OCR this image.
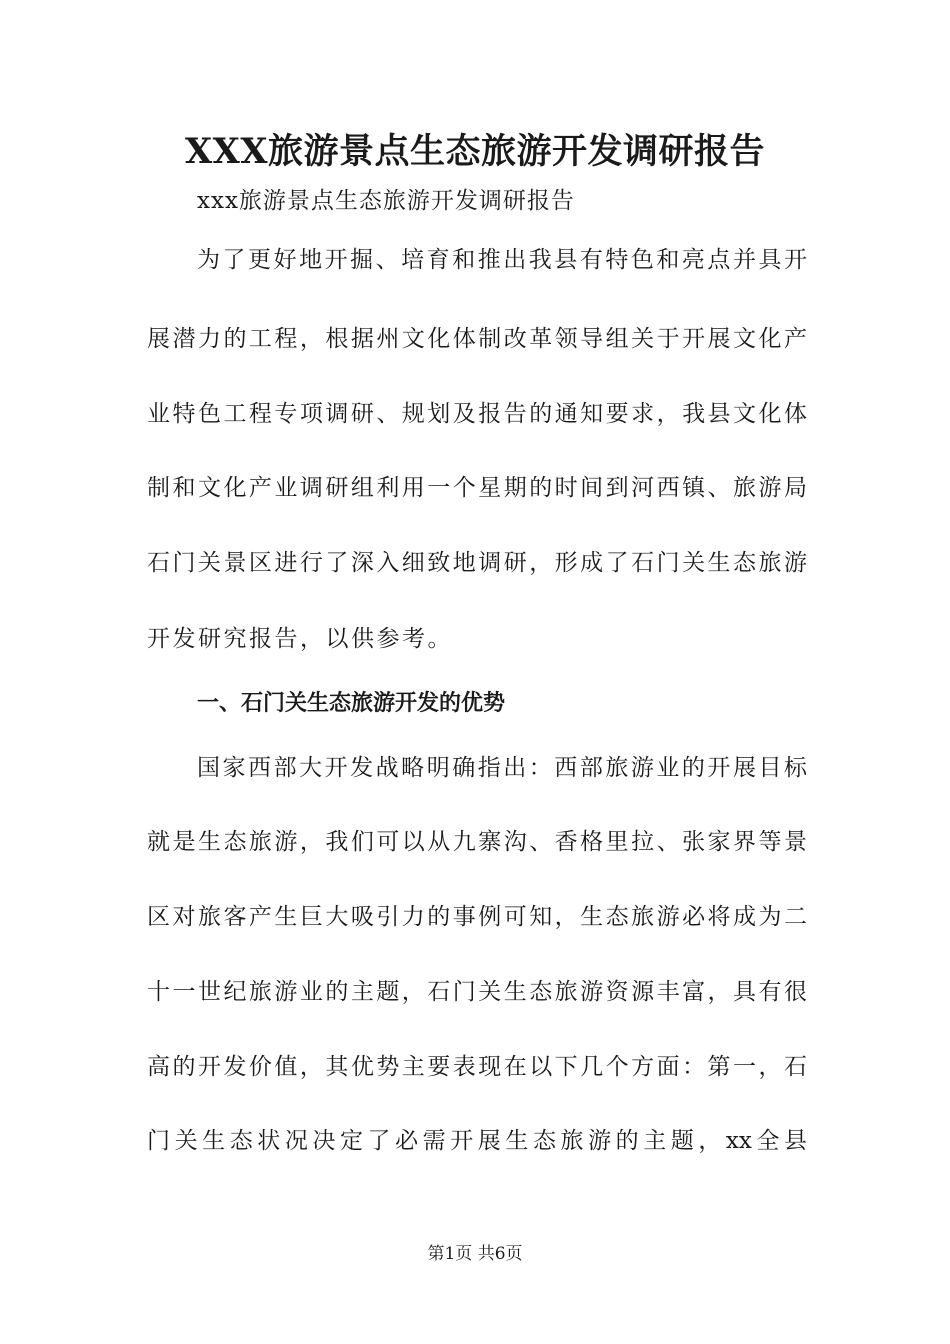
XXX旅游景点生态旅游开发调研报告

xxx旅游景点生态旅游开发调研报告

为了更好地开掘、培育和推出我县有特色和亮点并具开

展潜力的工程，根据州文化体制改革领导组关于开展文化产

业特色工程专项调研、规划及报告的通知要求，我县文化体

制和文化产业调研组利用一个星期的时间到河西镇、旅游局

石门关景区进行了深入细致地调研，形成了石门关生态旅游

开发研究报告，以供参考。

一、石门关生态旅游开发的优势

国家西部大开发战略明确指出：西部旅游业的开展目标

就是生态旅游，我们可以从九寨沟、香格里拉、张家界等景

区对旅客产生巨大吸引力的事例可知，生态旅游必将成为二

十一世纪旅游业的主题，石门关生态旅游资源丰富，具有很

高的开发价值，其优势主要表现在以下几个方面：第一，石

门关生态状况决定了必需开展生态旅游的主题，xx全县

第1页 共6页
